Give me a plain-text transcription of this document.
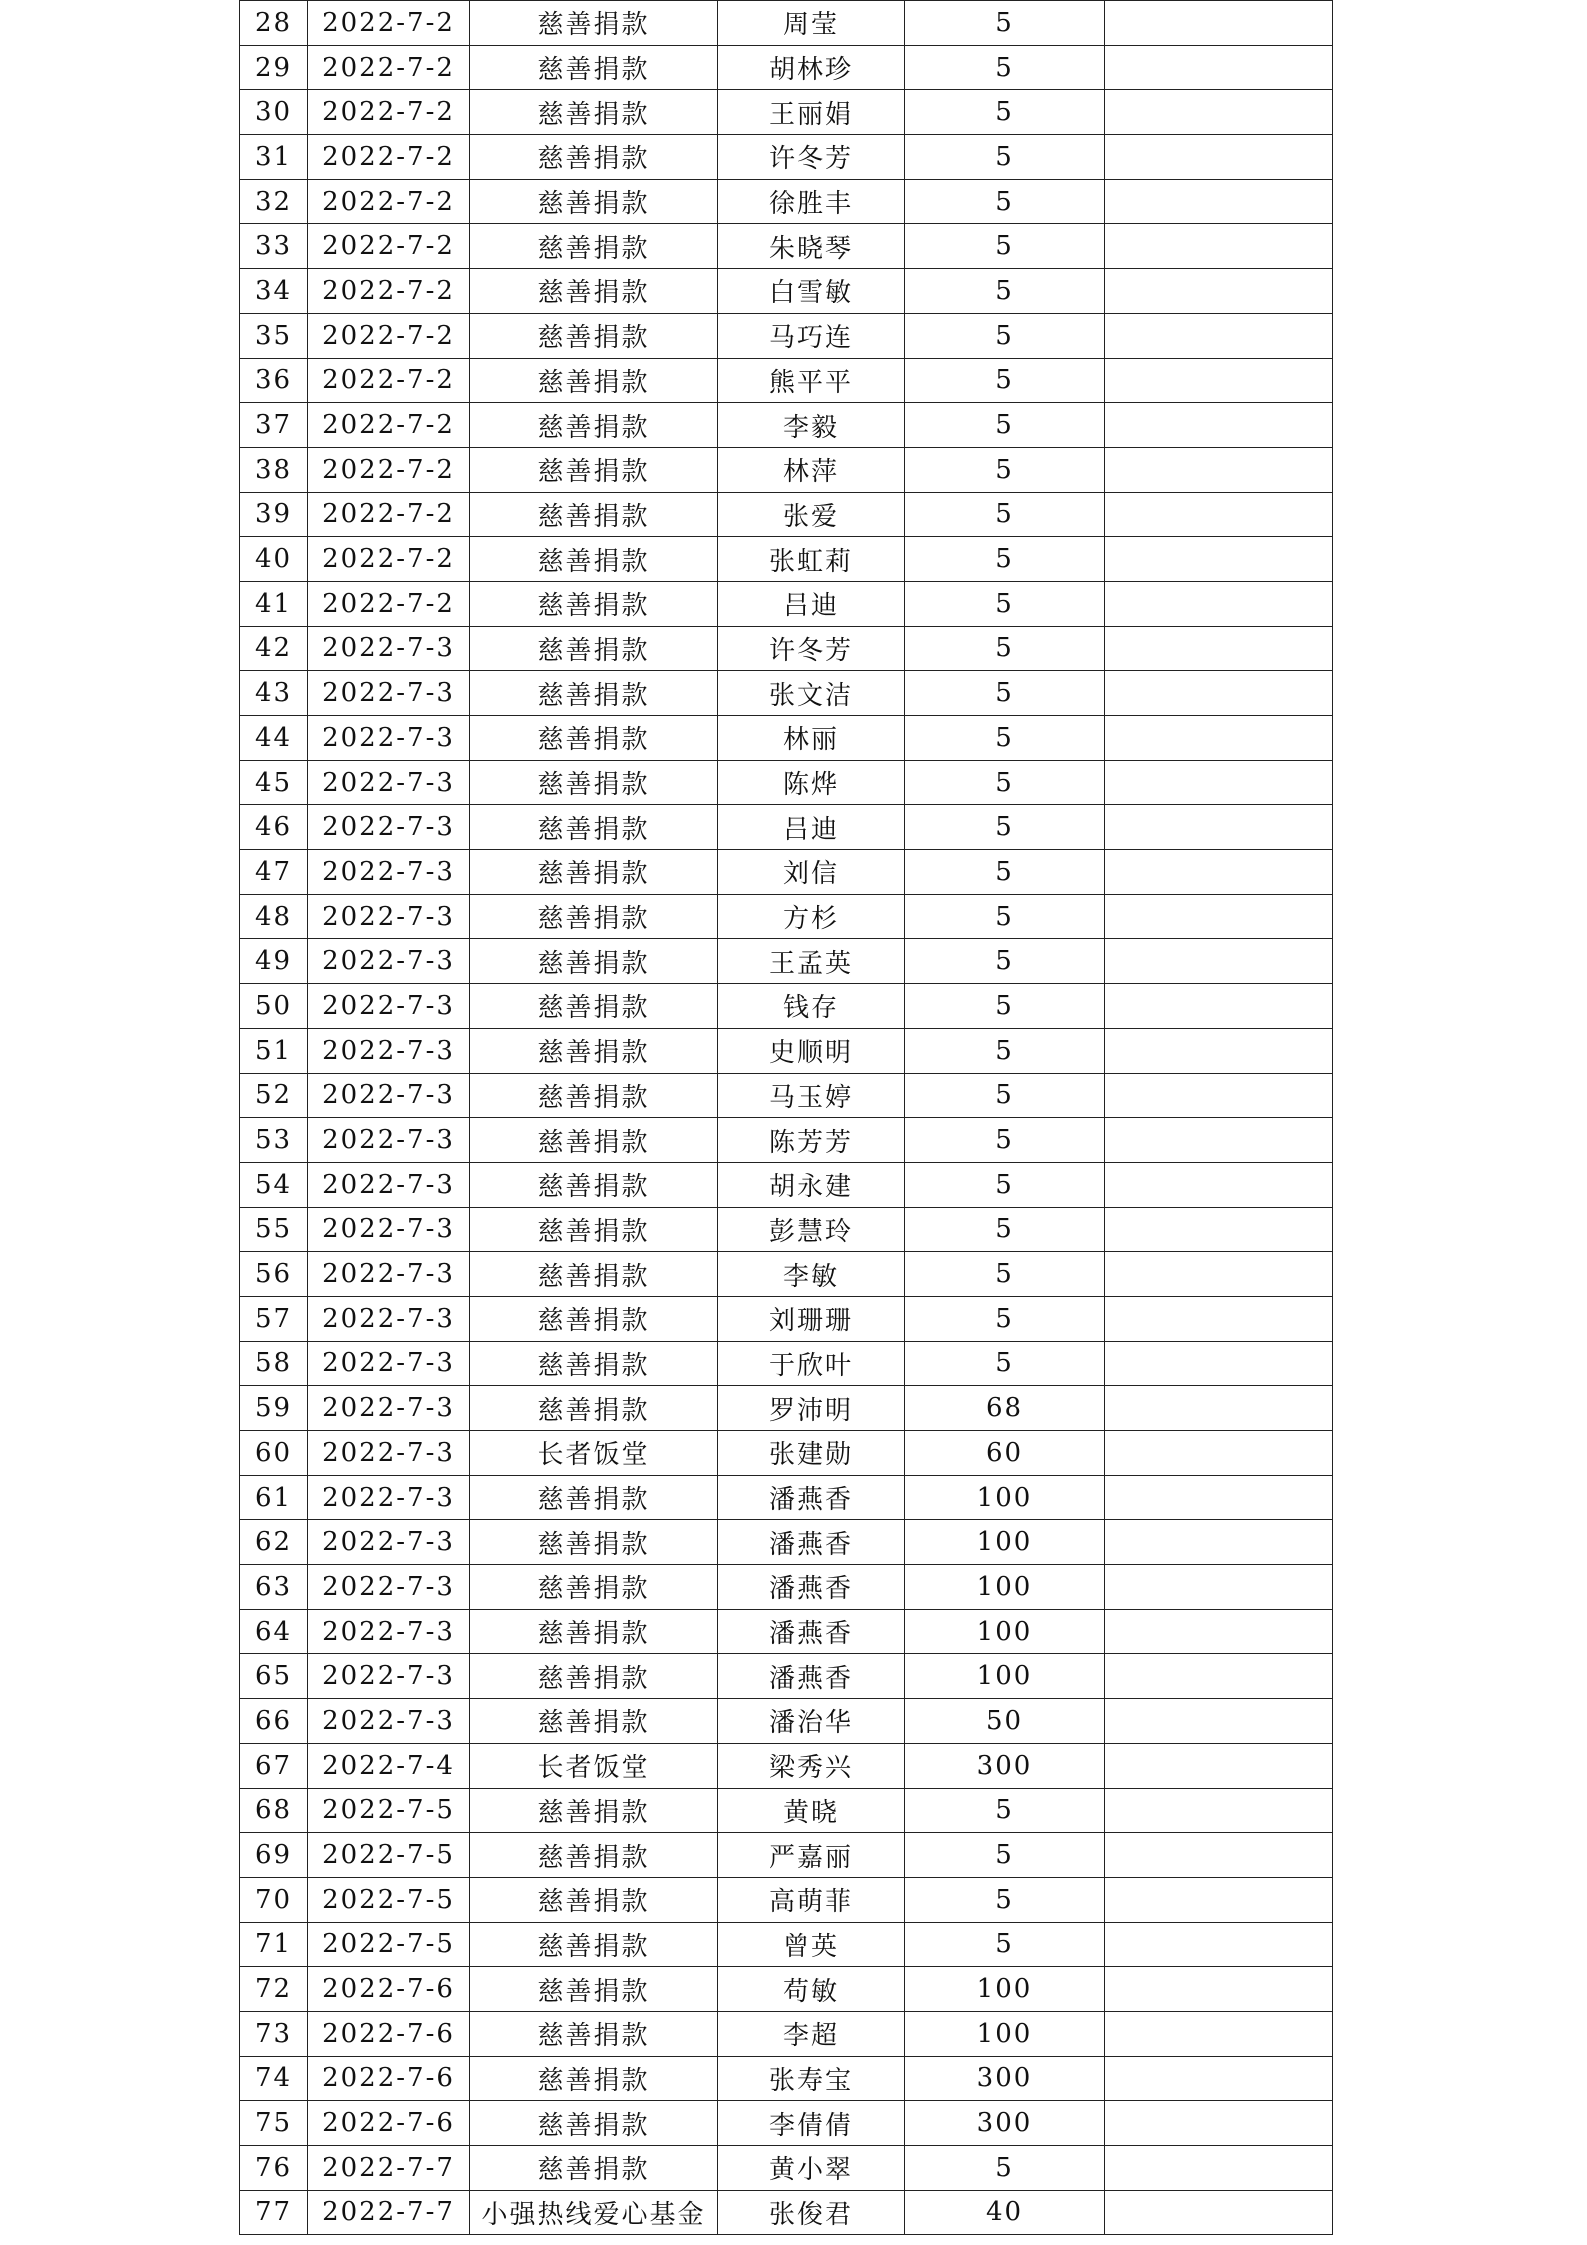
28	2022-7-2	慈善捐款	周莹	5	
29	2022-7-2	慈善捐款	胡林珍	5	
30	2022-7-2	慈善捐款	王丽娟	5	
31	2022-7-2	慈善捐款	许冬芳	5	
32	2022-7-2	慈善捐款	徐胜丰	5	
33	2022-7-2	慈善捐款	朱晓琴	5	
34	2022-7-2	慈善捐款	白雪敏	5	
35	2022-7-2	慈善捐款	马巧连	5	
36	2022-7-2	慈善捐款	熊平平	5	
37	2022-7-2	慈善捐款	李毅	5	
38	2022-7-2	慈善捐款	林萍	5	
39	2022-7-2	慈善捐款	张爱	5	
40	2022-7-2	慈善捐款	张虹莉	5	
41	2022-7-2	慈善捐款	吕迪	5	
42	2022-7-3	慈善捐款	许冬芳	5	
43	2022-7-3	慈善捐款	张文洁	5	
44	2022-7-3	慈善捐款	林丽	5	
45	2022-7-3	慈善捐款	陈烨	5	
46	2022-7-3	慈善捐款	吕迪	5	
47	2022-7-3	慈善捐款	刘信	5	
48	2022-7-3	慈善捐款	方杉	5	
49	2022-7-3	慈善捐款	王孟英	5	
50	2022-7-3	慈善捐款	钱存	5	
51	2022-7-3	慈善捐款	史顺明	5	
52	2022-7-3	慈善捐款	马玉婷	5	
53	2022-7-3	慈善捐款	陈芳芳	5	
54	2022-7-3	慈善捐款	胡永建	5	
55	2022-7-3	慈善捐款	彭慧玲	5	
56	2022-7-3	慈善捐款	李敏	5	
57	2022-7-3	慈善捐款	刘珊珊	5	
58	2022-7-3	慈善捐款	于欣叶	5	
59	2022-7-3	慈善捐款	罗沛明	68	
60	2022-7-3	长者饭堂	张建勋	60	
61	2022-7-3	慈善捐款	潘燕香	100	
62	2022-7-3	慈善捐款	潘燕香	100	
63	2022-7-3	慈善捐款	潘燕香	100	
64	2022-7-3	慈善捐款	潘燕香	100	
65	2022-7-3	慈善捐款	潘燕香	100	
66	2022-7-3	慈善捐款	潘治华	50	
67	2022-7-4	长者饭堂	梁秀兴	300	
68	2022-7-5	慈善捐款	黄晓	5	
69	2022-7-5	慈善捐款	严嘉丽	5	
70	2022-7-5	慈善捐款	高萌菲	5	
71	2022-7-5	慈善捐款	曾英	5	
72	2022-7-6	慈善捐款	苟敏	100	
73	2022-7-6	慈善捐款	李超	100	
74	2022-7-6	慈善捐款	张寿宝	300	
75	2022-7-6	慈善捐款	李倩倩	300	
76	2022-7-7	慈善捐款	黄小翠	5	
77	2022-7-7	小强热线爱心基金	张俊君	40	
